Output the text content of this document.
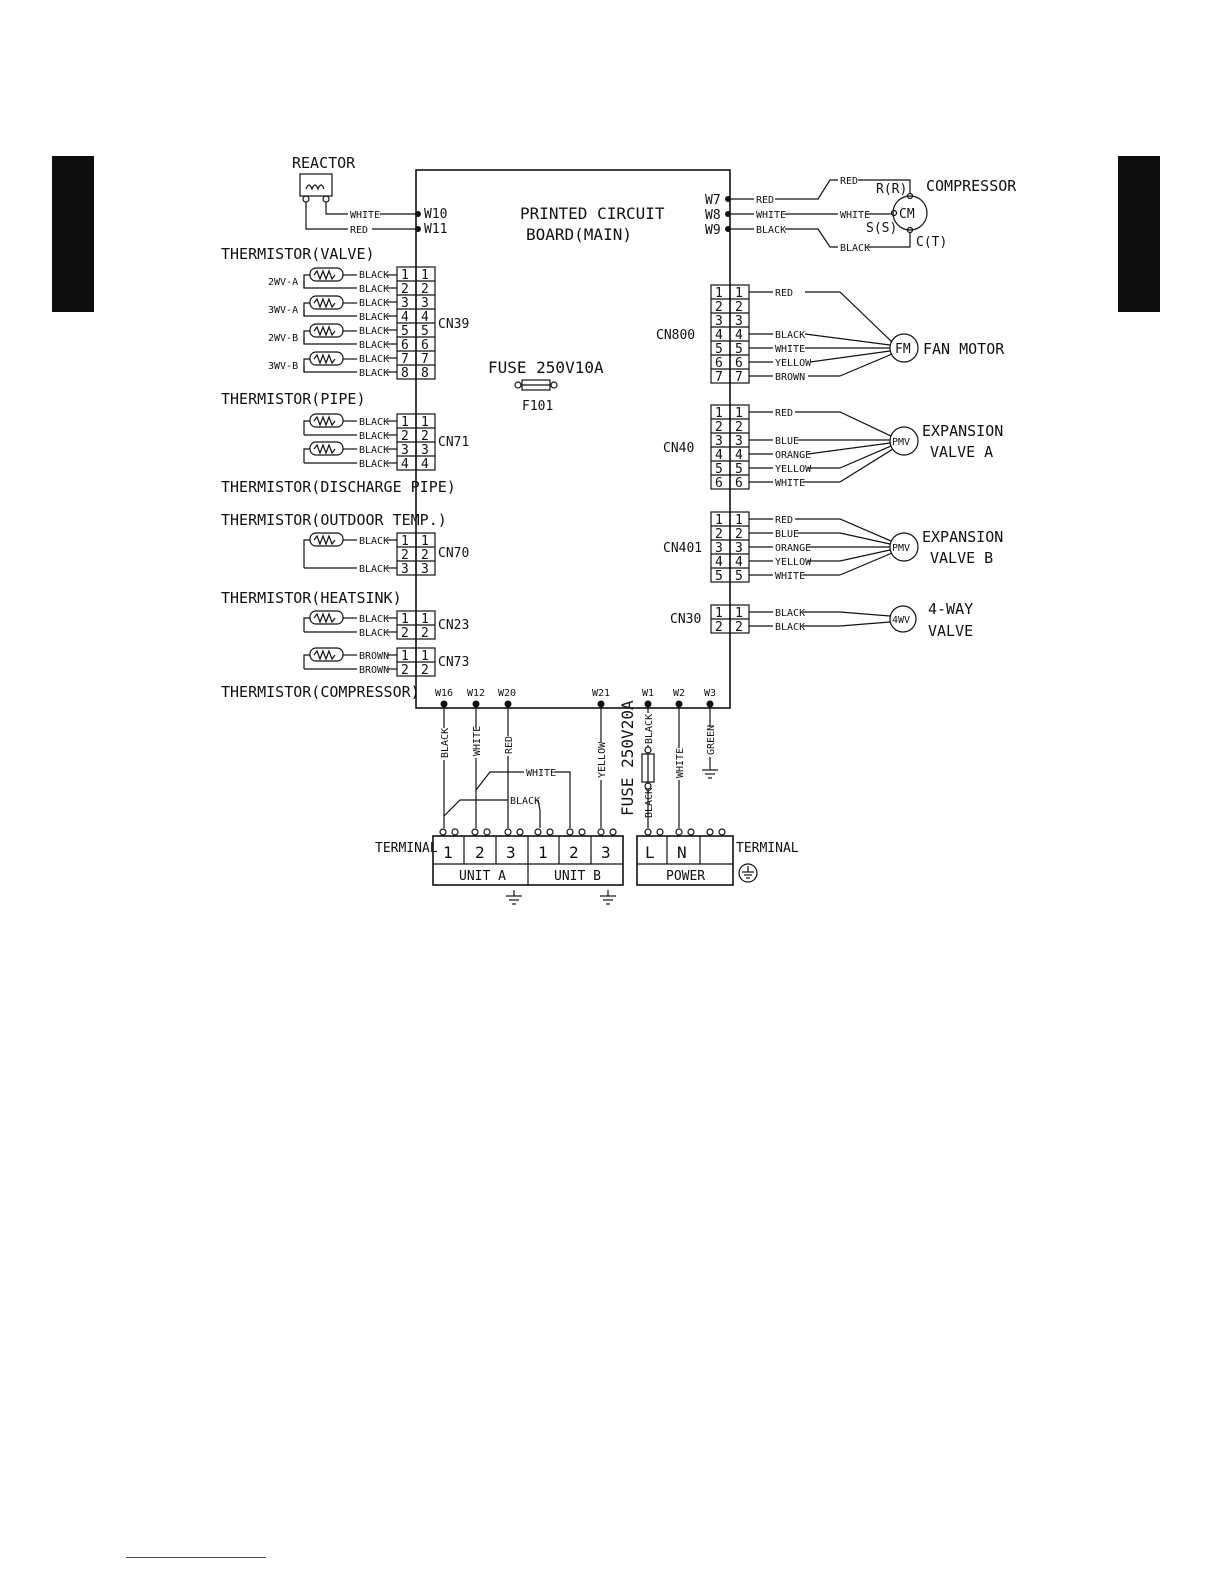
PRINTED CIRCUIT
BOARD(MAIN)
FUSE 250V10A
F101
REACTOR
WHITE
RED
W10
W11
THERMISTOR(VALVE)
2WV-A
3WV-A
2WV-B
3WV-B
BLACK
BLACK
BLACK
BLACK
BLACK
BLACK
BLACK
BLACK
1 1
2 2
3 3
4 4
5 5
6 6
7 7
8 8
CN39
THERMISTOR(PIPE)
BLACK
BLACK
BLACK
BLACK
1 1
2 2
3 3
4 4
CN71
THERMISTOR(DISCHARGE PIPE)
THERMISTOR(OUTDOOR TEMP.)
BLACK
BLACK
1 1
2 2
3 3
CN70
THERMISTOR(HEATSINK)
BLACK
BLACK
1 1
2 2
CN23
BROWN
BROWN
1 1
2 2
CN73
THERMISTOR(COMPRESSOR)
W7
W8
W9
RED
WHITE
BLACK
RED
WHITE
BLACK
CM
R(R)
S(S)
C(T)
COMPRESSOR
1 1
2 2
3 3
4 4
5 5
6 6
7 7
CN800
RED
BLACK
WHITE
YELLOW
BROWN
FM FAN MOTOR
1 1
2 2
3 3
4 4
5 5
6 6
CN40
RED
BLUE
ORANGE
YELLOW
WHITE
PMV
EXPANSION
VALVE A
1 1
2 2
3 3
4 4
5 5
CN401
RED
BLUE
ORANGE
YELLOW
WHITE
PMV
EXPANSION
VALVE B
1 1
2 2
CN30	BLACK
BLACK
4WV
4-WAY
VALVE
W16 W12 W20	W21	W1 W2 W3
BLACK WHITE RED	YELLOW
BLACK
WHITE
GREEN
WHITE
BLACK	FUSE 250V20A BLACK
TERMINAL	TERMINAL
1 2 3 1 2 3
UNIT A	UNIT B
L N
POWER
